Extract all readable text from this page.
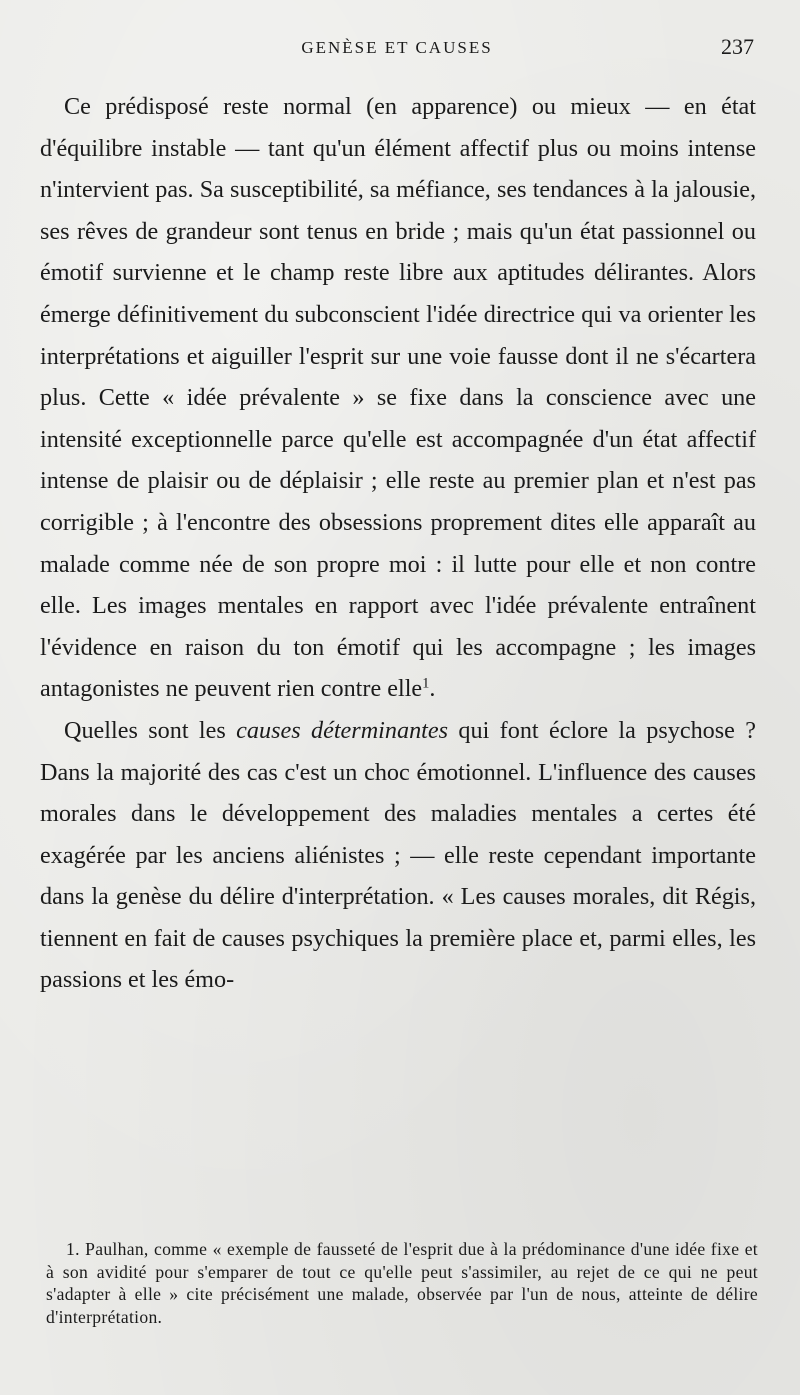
GENÈSE ET CAUSES	237

Ce prédisposé reste normal (en apparence) ou mieux — en état d'équilibre instable — tant qu'un élément affectif plus ou moins intense n'intervient pas. Sa susceptibilité, sa méfiance, ses tendances à la jalousie, ses rêves de grandeur sont tenus en bride ; mais qu'un état passionnel ou émotif survienne et le champ reste libre aux aptitudes délirantes. Alors émerge définitivement du subconscient l'idée directrice qui va orienter les interprétations et aiguiller l'esprit sur une voie fausse dont il ne s'écartera plus. Cette « idée prévalente » se fixe dans la conscience avec une intensité exceptionnelle parce qu'elle est accompagnée d'un état affectif intense de plaisir ou de déplaisir ; elle reste au premier plan et n'est pas corrigible ; à l'encontre des obsessions proprement dites elle apparaît au malade comme née de son propre moi : il lutte pour elle et non contre elle. Les images mentales en rapport avec l'idée prévalente entraînent l'évidence en raison du ton émotif qui les accompagne ; les images antagonistes ne peuvent rien contre elle$^1$.

Quelles sont les causes déterminantes qui font éclore la psychose ? Dans la majorité des cas c'est un choc émotionnel. L'influence des causes morales dans le développement des maladies mentales a certes été exagérée par les anciens aliénistes ; — elle reste cependant importante dans la genèse du délire d'interprétation. « Les causes morales, dit Régis, tiennent en fait de causes psychiques la première place et, parmi elles, les passions et les émo-

1. Paulhan, comme « exemple de fausseté de l'esprit due à la prédominance d'une idée fixe et à son avidité pour s'emparer de tout ce qu'elle peut s'assimiler, au rejet de ce qui ne peut s'adapter à elle » cite précisément une malade, observée par l'un de nous, atteinte de délire d'interprétation.
